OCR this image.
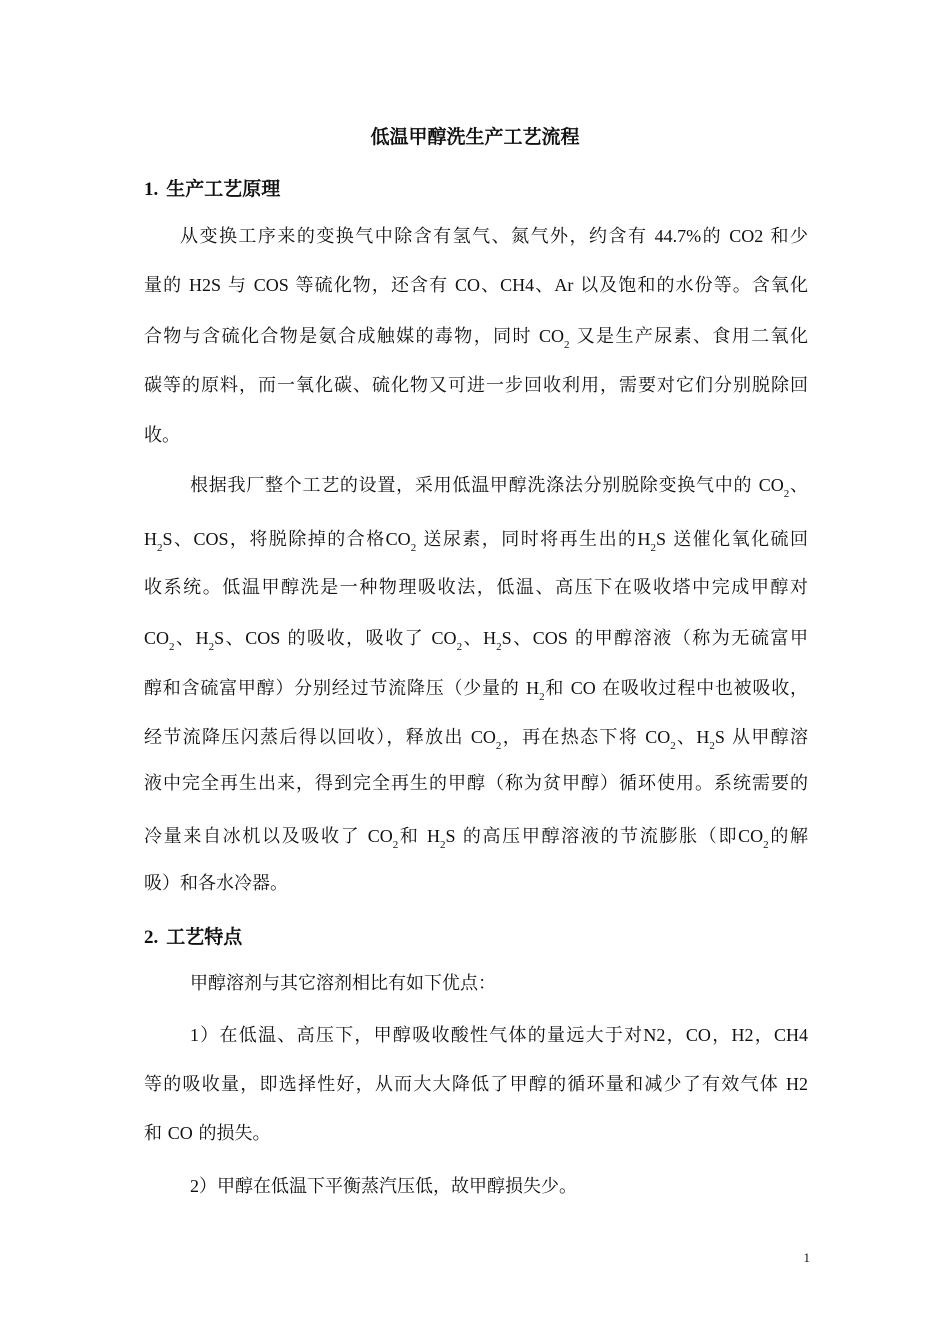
低温甲醇洗生产工艺流程
1. 生产工艺原理
从变换工序来的变换气中除含有氢气、氮气外，约含有 44.7%的 CO2 和少
量的 H2S 与 COS 等硫化物，还含有 CO、CH4、Ar 以及饱和的水份等。含氧化
合物与含硫化合物是氨合成触媒的毒物，同时 $CO_2$ 又是生产尿素、食用二氧化
碳等的原料，而一氧化碳、硫化物又可进一步回收利用，需要对它们分别脱除回
收。
根据我厂整个工艺的设置，采用低温甲醇洗涤法分别脱除变换气中的 $CO_2$、
$H_2S$、COS，将脱除掉的合格$CO_2$ 送尿素，同时将再生出的$H_2S$ 送催化氧化硫回
收系统。低温甲醇洗是一种物理吸收法，低温、高压下在吸收塔中完成甲醇对
$CO_2$、$H_2S$、COS 的吸收，吸收了 $CO_2$、$H_2S$、COS 的甲醇溶液（称为无硫富甲
醇和含硫富甲醇）分别经过节流降压（少量的 $H_2$和 CO 在吸收过程中也被吸收，
经节流降压闪蒸后得以回收），释放出 $CO_2$，再在热态下将 $CO_2$、$H_2S$ 从甲醇溶
液中完全再生出来，得到完全再生的甲醇（称为贫甲醇）循环使用。系统需要的
冷量来自冰机以及吸收了 $CO_2$和 $H_2S$ 的高压甲醇溶液的节流膨胀（即$CO_2$的解
吸）和各水冷器。
2. 工艺特点
甲醇溶剂与其它溶剂相比有如下优点：
1）在低温、高压下，甲醇吸收酸性气体的量远大于对N2，CO，H2，CH4
等的吸收量，即选择性好，从而大大降低了甲醇的循环量和减少了有效气体 H2
和 CO 的损失。
2）甲醇在低温下平衡蒸汽压低，故甲醇损失少。
1
